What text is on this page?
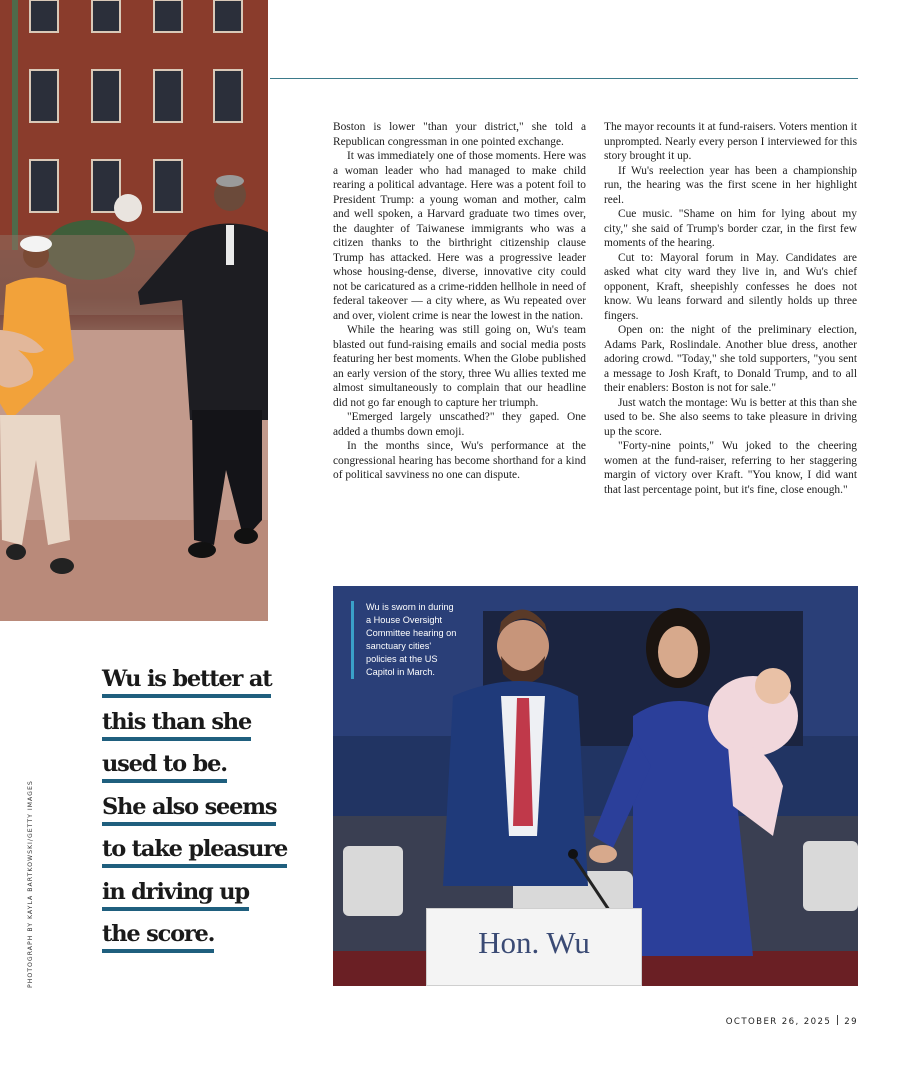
Boston is lower "than your district," she told a Republican congressman in one pointed exchange.

It was immediately one of those moments. Here was a woman leader who had managed to make child rearing a political advantage. Here was a potent foil to President Trump: a young woman and mother, calm and well spoken, a Harvard graduate two times over, the daughter of Taiwanese immigrants who was a citizen thanks to the birthright citizenship clause Trump has attacked. Here was a progressive leader whose housing-dense, diverse, innovative city could not be caricatured as a crime-ridden hellhole in need of federal takeover — a city where, as Wu repeated over and over, violent crime is near the lowest in the nation.

While the hearing was still going on, Wu's team blasted out fund-raising emails and social media posts featuring her best moments. When the Globe published an early version of the story, three Wu allies texted me almost simultaneously to complain that our headline did not go far enough to capture her triumph.

"Emerged largely unscathed?" they gaped. One added a thumbs down emoji.

In the months since, Wu's performance at the congressional hearing has become shorthand for a kind of political savviness no one can dispute.

The mayor recounts it at fund-raisers. Voters mention it unprompted. Nearly every person I interviewed for this story brought it up.

If Wu's reelection year has been a championship run, the hearing was the first scene in her highlight reel.

Cue music. "Shame on him for lying about my city," she said of Trump's border czar, in the first few moments of the hearing.

Cut to: Mayoral forum in May. Candidates are asked what city ward they live in, and Wu's chief opponent, Kraft, sheepishly confesses he does not know. Wu leans forward and silently holds up three fingers.

Open on: the night of the preliminary election, Adams Park, Roslindale. Another blue dress, another adoring crowd. "Today," she told supporters, "you sent a message to Josh Kraft, to Donald Trump, and to all their enablers: Boston is not for sale."

Just watch the montage: Wu is better at this than she used to be. She also seems to take pleasure in driving up the score.

"Forty-nine points," Wu joked to the cheering women at the fund-raiser, referring to her staggering margin of victory over Kraft. "You know, I did want that last percentage point, but it's fine, close enough."

Wu is better at
this than she
used to be.
She also seems
to take pleasure
in driving up
the score.
PHOTOGRAPH BY KAYLA BARTKOWSKI/GETTY IMAGES
Wu is sworn in during a House Oversight Committee hearing on sanctuary cities' policies at the US Capitol in March.
Hon. Wu
OCTOBER 26, 2025 29
